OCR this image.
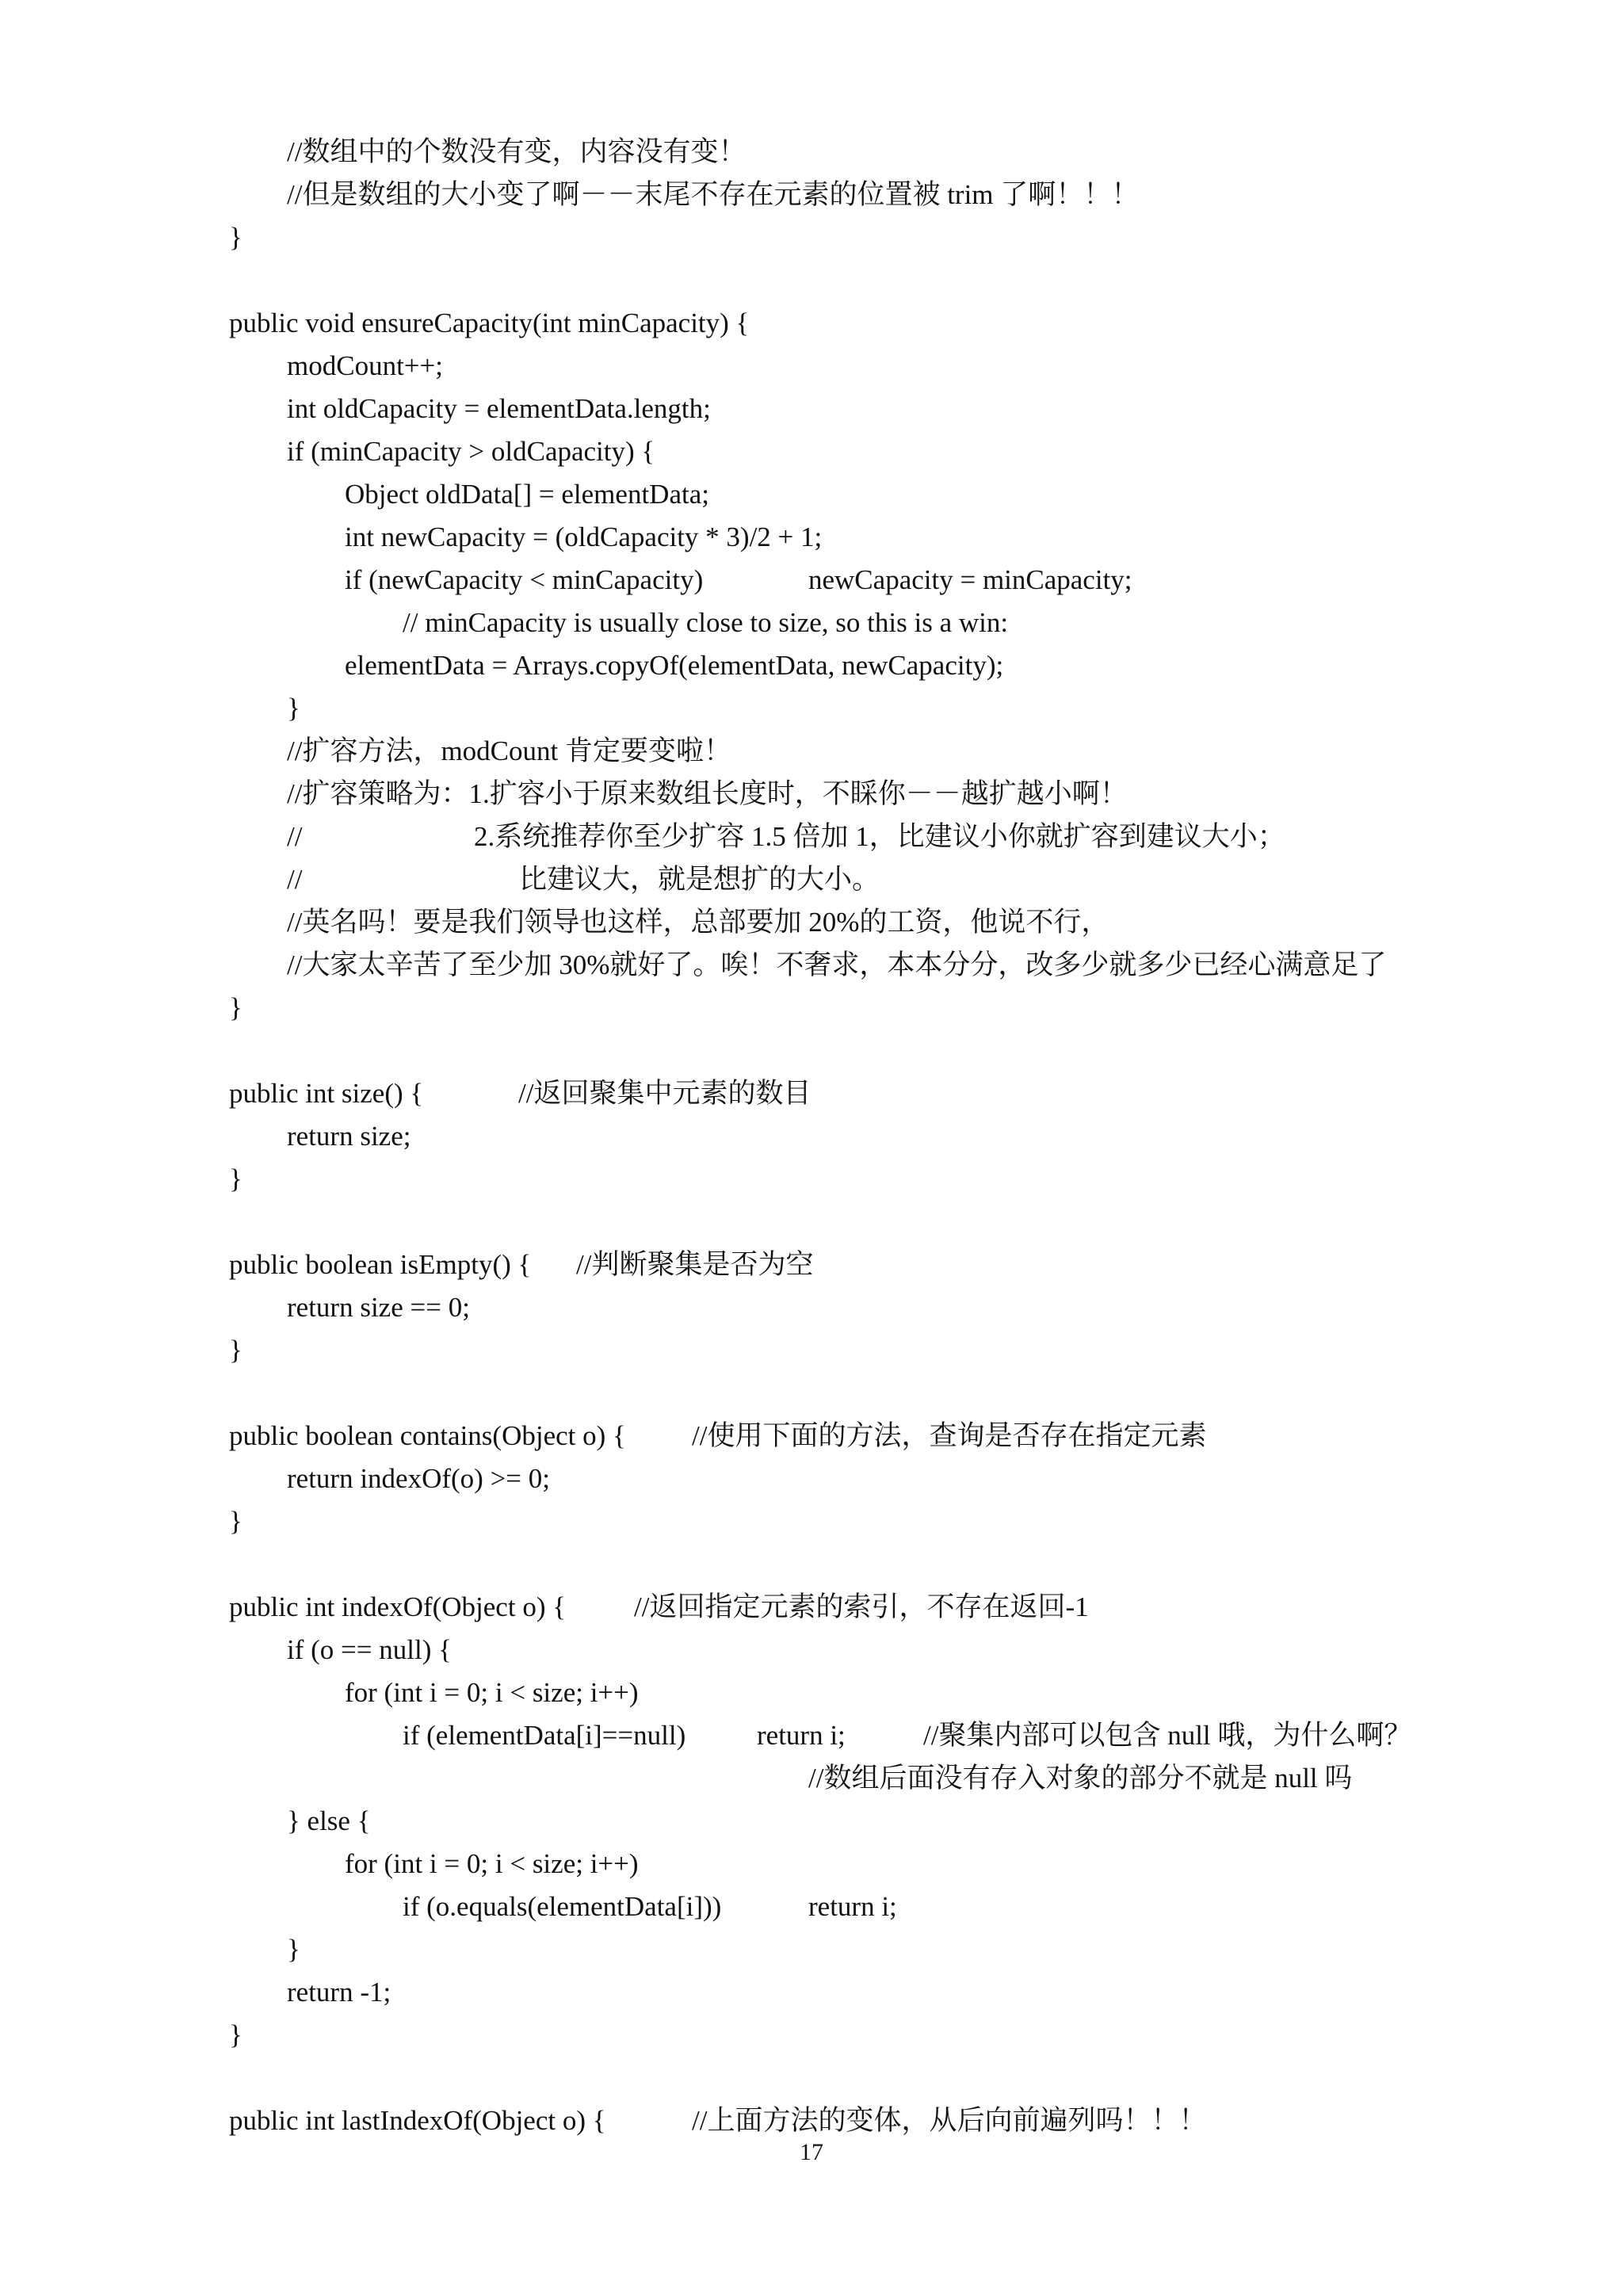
//数组中的个数没有变，内容没有变！
//但是数组的大小变了啊－－末尾不存在元素的位置被 trim 了啊！！！
}
public void ensureCapacity(int minCapacity) {
modCount++;
int oldCapacity = elementData.length;
if (minCapacity > oldCapacity) {
Object oldData[] = elementData;
int newCapacity = (oldCapacity * 3)/2 + 1;
if (newCapacity < minCapacity)	newCapacity = minCapacity;
// minCapacity is usually close to size, so this is a win:
elementData = Arrays.copyOf(elementData, newCapacity);
}
//扩容方法，modCount 肯定要变啦！
//扩容策略为：1.扩容小于原来数组长度时，不睬你－－越扩越小啊！
//	2.系统推荐你至少扩容 1.5 倍加 1，比建议小你就扩容到建议大小；
//	比建议大，就是想扩的大小。
//英名吗！要是我们领导也这样，总部要加 20%的工资，他说不行，
//大家太辛苦了至少加 30%就好了。唉！不奢求，本本分分，改多少就多少已经心满意足了
}
public int size() {	//返回聚集中元素的数目
return size;
}
public boolean isEmpty() { //判断聚集是否为空
return size == 0;
}
public boolean contains(Object o) { //使用下面的方法，查询是否存在指定元素
return indexOf(o) >= 0;
}
public int indexOf(Object o) { //返回指定元素的索引，不存在返回-1
if (o == null) {
for (int i = 0; i < size; i++)
if (elementData[i]==null)	return i;	//聚集内部可以包含 null 哦，为什么啊？
//数组后面没有存入对象的部分不就是 null 吗
} else {
for (int i = 0; i < size; i++)
if (o.equals(elementData[i]))	return i;
}
return -1;
}
public int lastIndexOf(Object o) {	//上面方法的变体，从后向前遍列吗！！！
17
